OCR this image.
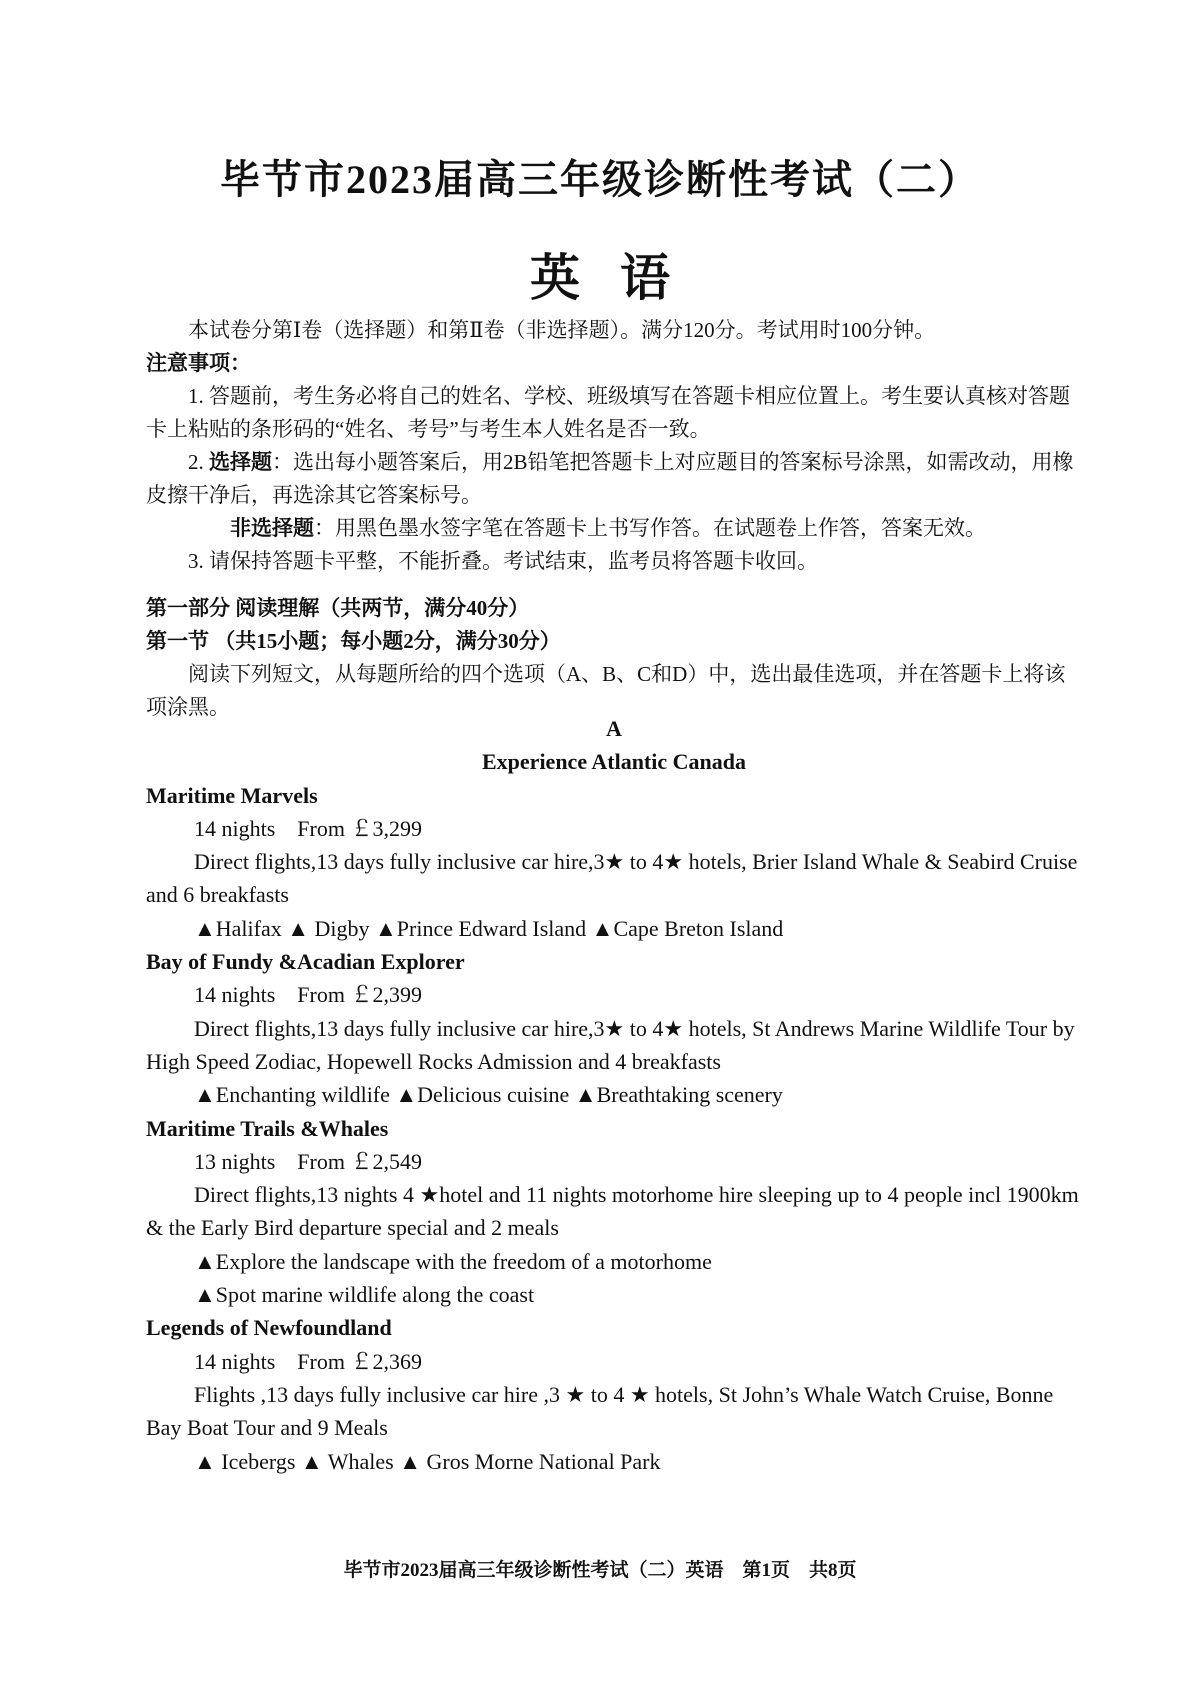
毕节市2023届高三年级诊断性考试（二）
英语

本试卷分第Ⅰ卷（选择题）和第Ⅱ卷（非选择题）。满分120分。考试用时100分钟。

注意事项：

1. 答题前，考生务必将自己的姓名、学校、班级填写在答题卡相应位置上。考生要认真核对答题卡上粘贴的条形码的“姓名、考号”与考生本人姓名是否一致。

2. 选择题：选出每小题答案后，用2B铅笔把答题卡上对应题目的答案标号涂黑，如需改动，用橡皮擦干净后，再选涂其它答案标号。

非选择题：用黑色墨水签字笔在答题卡上书写作答。在试题卷上作答，答案无效。

3. 请保持答题卡平整，不能折叠。考试结束，监考员将答题卡收回。

第一部分 阅读理解（共两节，满分40分）

第一节 （共15小题；每小题2分，满分30分）

阅读下列短文，从每题所给的四个选项（A、B、C和D）中，选出最佳选项，并在答题卡上将该项涂黑。

A

Experience Atlantic Canada

Maritime Marvels

14 nights From ￡3,299

Direct flights,13 days fully inclusive car hire,3★ to 4★ hotels, Brier Island Whale & Seabird Cruise and 6 breakfasts

▲Halifax ▲ Digby ▲Prince Edward Island ▲Cape Breton Island

Bay of Fundy &Acadian Explorer

14 nights From ￡2,399

Direct flights,13 days fully inclusive car hire,3★ to 4★ hotels, St Andrews Marine Wildlife Tour by High Speed Zodiac, Hopewell Rocks Admission and 4 breakfasts

▲Enchanting wildlife ▲Delicious cuisine ▲Breathtaking scenery

Maritime Trails &Whales

13 nights From ￡2,549

Direct flights,13 nights 4 ★hotel and 11 nights motorhome hire sleeping up to 4 people incl 1900km & the Early Bird departure special and 2 meals

▲Explore the landscape with the freedom of a motorhome

▲Spot marine wildlife along the coast

Legends of Newfoundland

14 nights From ￡2,369

Flights ,13 days fully inclusive car hire ,3 ★ to 4 ★ hotels, St John’s Whale Watch Cruise, Bonne Bay Boat Tour and 9 Meals

▲ Icebergs ▲ Whales ▲ Gros Morne National Park

毕节市2023届高三年级诊断性考试（二）英语　第1页　共8页
